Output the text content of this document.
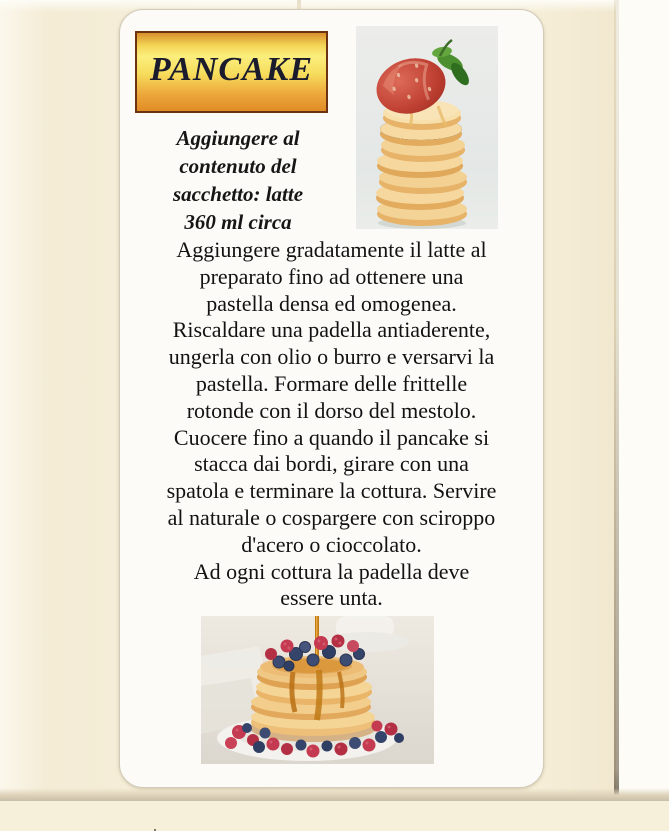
PANCAKE
Aggiungere al
contenuto del
sacchetto: latte
360 ml circa
Aggiungere gradatamente il latte al
preparato fino ad ottenere una
pastella densa ed omogenea.
Riscaldare una padella antiaderente,
ungerla con olio o burro e versarvi la
pastella. Formare delle frittelle
rotonde con il dorso del mestolo.
Cuocere fino a quando il pancake si
stacca dai bordi, girare con una
spatola e terminare la cottura. Servire
al naturale o cospargere con sciroppo
d'acero o cioccolato.
Ad ogni cottura la padella deve
essere unta.
